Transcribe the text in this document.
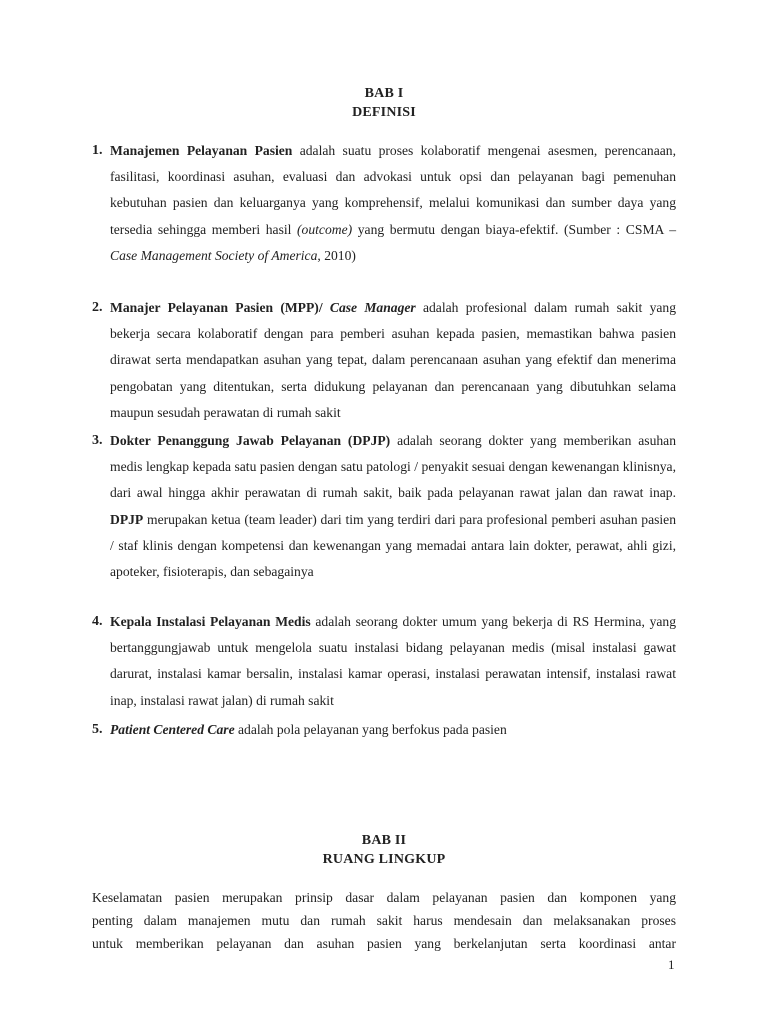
BAB I
DEFINISI
1. Manajemen Pelayanan Pasien adalah suatu proses kolaboratif mengenai asesmen, perencanaan, fasilitasi, koordinasi asuhan, evaluasi dan advokasi untuk opsi dan pelayanan bagi pemenuhan kebutuhan pasien dan keluarganya yang komprehensif, melalui komunikasi dan sumber daya yang tersedia sehingga memberi hasil (outcome) yang bermutu dengan biaya-efektif. (Sumber : CSMA – Case Management Society of America, 2010)
2. Manajer Pelayanan Pasien (MPP)/ Case Manager adalah profesional dalam rumah sakit yang bekerja secara kolaboratif dengan para pemberi asuhan kepada pasien, memastikan bahwa pasien dirawat serta mendapatkan asuhan yang tepat, dalam perencanaan asuhan yang efektif dan menerima pengobatan yang ditentukan, serta didukung pelayanan dan perencanaan yang dibutuhkan selama maupun sesudah perawatan di rumah sakit
3. Dokter Penanggung Jawab Pelayanan (DPJP) adalah seorang dokter yang memberikan asuhan medis lengkap kepada satu pasien dengan satu patologi / penyakit sesuai dengan kewenangan klinisnya, dari awal hingga akhir perawatan di rumah sakit, baik pada pelayanan rawat jalan dan rawat inap. DPJP merupakan ketua (team leader) dari tim yang terdiri dari para profesional pemberi asuhan pasien / staf klinis dengan kompetensi dan kewenangan yang memadai antara lain dokter, perawat, ahli gizi, apoteker, fisioterapis, dan sebagainya
4. Kepala Instalasi Pelayanan Medis adalah seorang dokter umum yang bekerja di RS Hermina, yang bertanggungjawab untuk mengelola suatu instalasi bidang pelayanan medis (misal instalasi gawat darurat, instalasi kamar bersalin, instalasi kamar operasi, instalasi perawatan intensif, instalasi rawat inap, instalasi rawat jalan) di rumah sakit
5. Patient Centered Care adalah pola pelayanan yang berfokus pada pasien
BAB II
RUANG LINGKUP
Keselamatan pasien merupakan prinsip dasar dalam pelayanan pasien dan komponen yang
penting dalam manajemen mutu dan rumah sakit harus mendesain dan melaksanakan proses
untuk memberikan pelayanan dan asuhan pasien yang berkelanjutan serta koordinasi antar
1
